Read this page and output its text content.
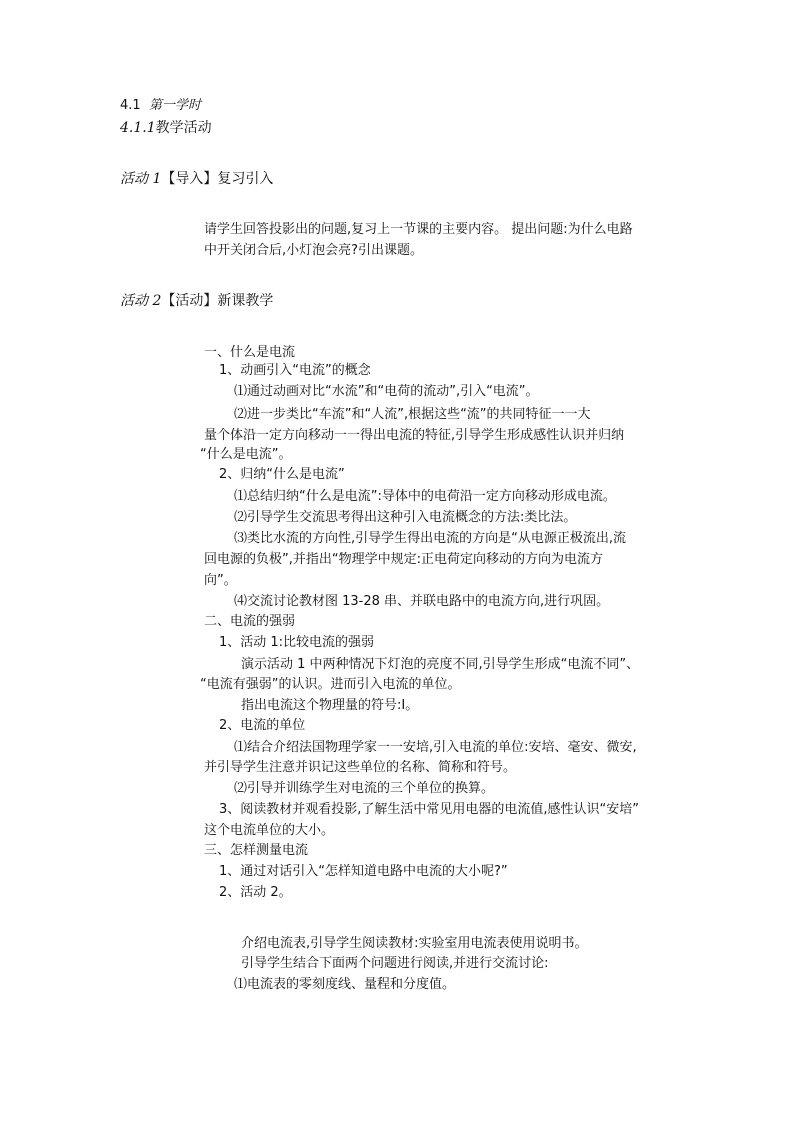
4.1 第一学时
4.1.1教学活动
活动 1【导入】复习引入
请学生回答投影出的问题,复习上一节课的主要内容。 提出问题:为什么电路
中开关闭合后,小灯泡会亮?引出课题。
活动 2【活动】新课教学
一、什么是电流
1、动画引入“电流”的概念
⑴通过动画对比“水流”和“电荷的流动”,引入“电流”。
⑵进一步类比“车流”和“人流”,根据这些“流”的共同特征一一大
量个体沿一定方向移动一一得出电流的特征,引导学生形成感性认识并归纳
“什么是电流”。
2、归纳“什么是电流”
⑴总结归纳“什么是电流”:导体中的电荷沿一定方向移动形成电流。
⑵引导学生交流思考得出这种引入电流概念的方法:类比法。
⑶类比水流的方向性,引导学生得出电流的方向是“从电源正极流出,流
回电源的负极”,并指出“物理学中规定:正电荷定向移动的方向为电流方
向”。
⑷交流讨论教材图 13-28 串、并联电路中的电流方向,进行巩固。
二、电流的强弱
1、活动 1:比较电流的强弱
演示活动 1 中两种情况下灯泡的亮度不同,引导学生形成“电流不同”、
“电流有强弱”的认识。进而引入电流的单位。
指出电流这个物理量的符号:I。
2、电流的单位
⑴结合介绍法国物理学家一一安培,引入电流的单位:安培、毫安、微安,
并引导学生注意并识记这些单位的名称、简称和符号。
⑵引导并训练学生对电流的三个单位的换算。
3、阅读教材并观看投影,了解生活中常见用电器的电流值,感性认识“安培”
这个电流单位的大小。
三、怎样测量电流
1、通过对话引入“怎样知道电路中电流的大小呢?”
2、活动 2。
介绍电流表,引导学生阅读教材:实验室用电流表使用说明书。
引导学生结合下面两个问题进行阅读,并进行交流讨论:
⑴电流表的零刻度线、量程和分度值。
